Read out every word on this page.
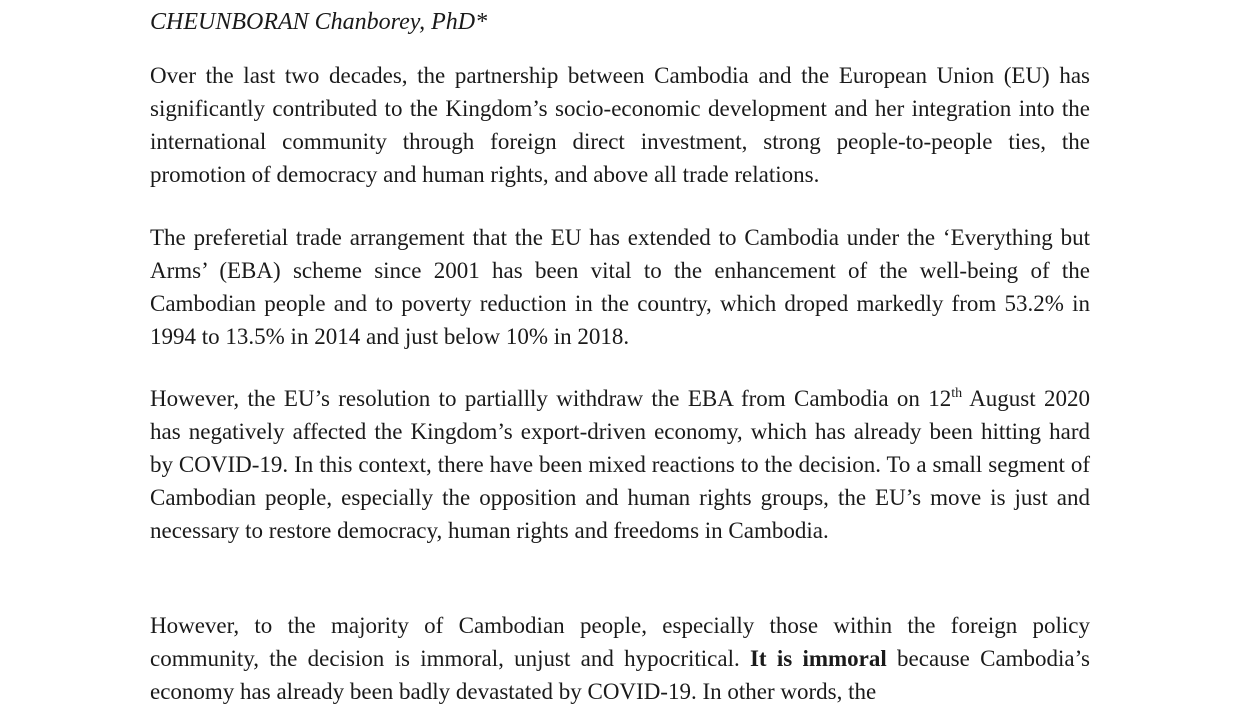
CHEUNBORAN Chanborey, PhD*

Over the last two decades, the partnership between Cambodia and the European Union (EU) has significantly contributed to the Kingdom’s socio-economic development and her integration into the international community through foreign direct investment, strong people-to-people ties, the promotion of democracy and human rights, and above all trade relations.

The preferetial trade arrangement that the EU has extended to Cambodia under the ‘Everything but Arms’ (EBA) scheme since 2001 has been vital to the enhancement of the well-being of the Cambodian people and to poverty reduction in the country, which droped markedly from 53.2% in 1994 to 13.5% in 2014 and just below 10% in 2018.

However, the EU’s resolution to partiallly withdraw the EBA from Cambodia on 12th August 2020 has negatively affected the Kingdom’s export-driven economy, which has already been hitting hard by COVID-19. In this context, there have been mixed reactions to the decision. To a small segment of Cambodian people, especially the opposition and human rights groups, the EU’s move is just and necessary to restore democracy, human rights and freedoms in Cambodia.

However, to the majority of Cambodian people, especially those within the foreign policy community, the decision is immoral, unjust and hypocritical. It is immoral because Cambodia’s economy has already been badly devastated by COVID-19. In other words, the
